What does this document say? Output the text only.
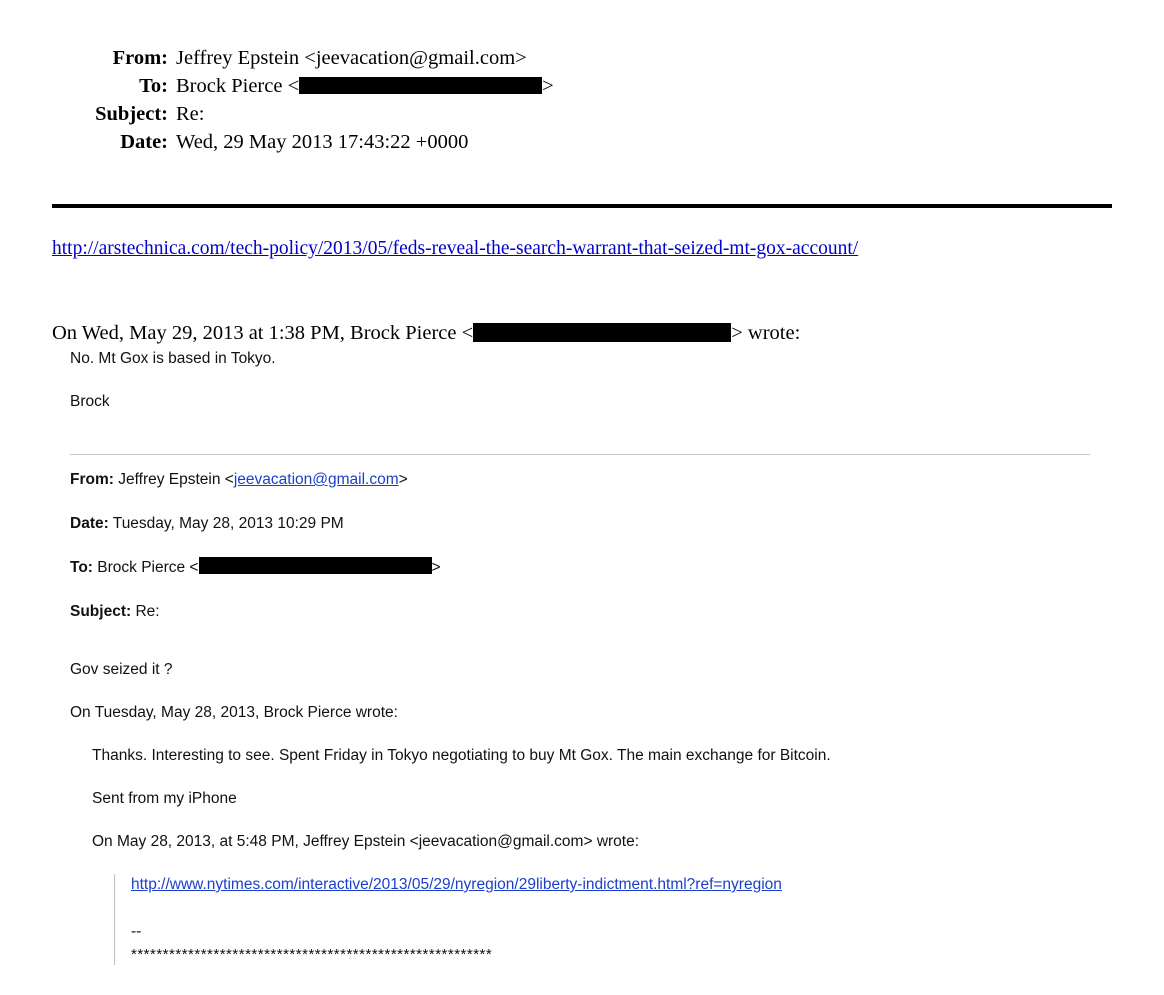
From: Jeffrey Epstein <jeevacation@gmail.com>
To: Brock Pierce <	>
Subject: Re:
Date: Wed, 29 May 2013 17:43:22 +0000
http://arstechnica.com/tech-policy/2013/05/feds-reveal-the-search-warrant-that-seized-mt-gox-account/
On Wed, May 29, 2013 at 1:38 PM, Brock Pierce <	> wrote:

No. Mt Gox is based in Tokyo.

Brock

From: Jeffrey Epstein <jeevacation@gmail.com>

Date: Tuesday, May 28, 2013 10:29 PM

To: Brock Pierce <	>

Subject: Re:

Gov seized it ?

On Tuesday, May 28, 2013, Brock Pierce wrote:

Thanks. Interesting to see. Spent Friday in Tokyo negotiating to buy Mt Gox. The main exchange for Bitcoin.

Sent from my iPhone

On May 28, 2013, at 5:48 PM, Jeffrey Epstein <jeevacation@gmail.com> wrote:

http://www.nytimes.com/interactive/2013/05/29/nyregion/29liberty-indictment.html?ref=nyregion

--

*********************************************************
